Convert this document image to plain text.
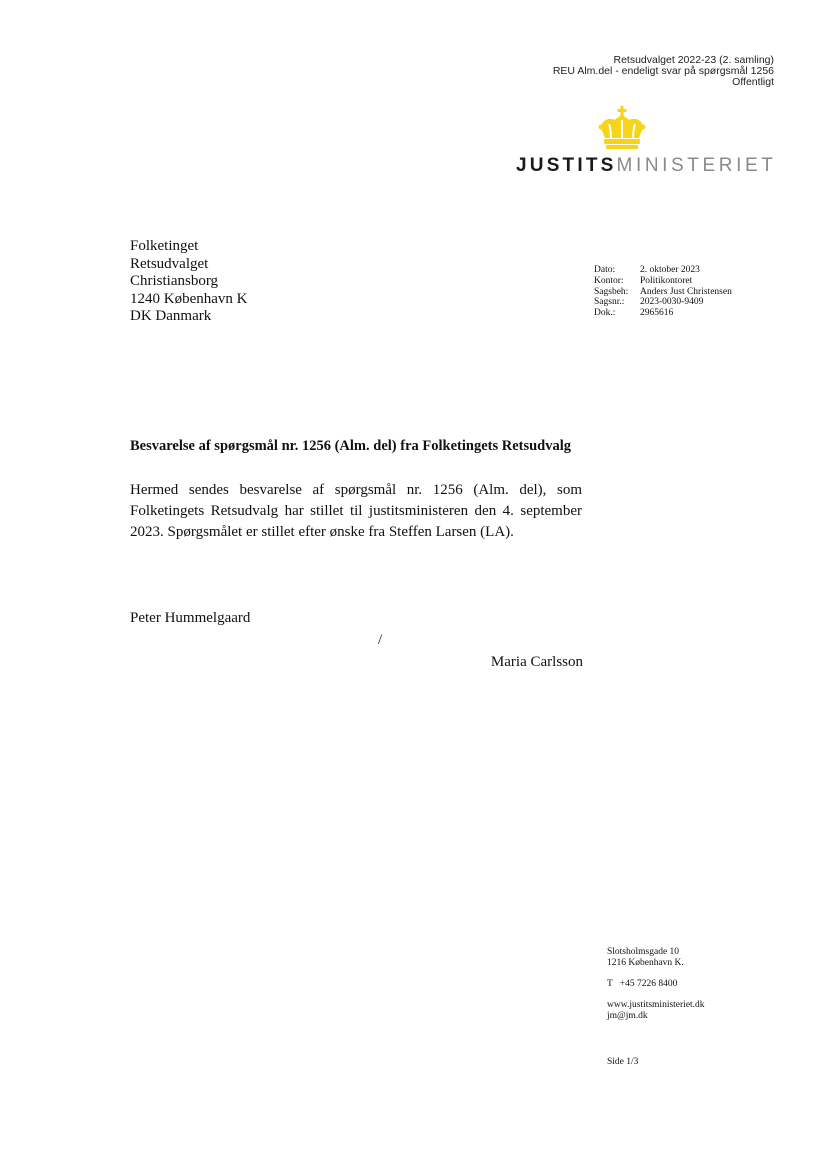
Retsudvalget 2022-23 (2. samling)
REU Alm.del - endeligt svar på spørgsmål 1256
Offentligt
JUSTITSMINISTERIET
Folketinget
Retsudvalget
Christiansborg
1240 København K
DK Danmark
Dato:	2. oktober 2023
Kontor:	Politikontoret
Sagsbeh:	Anders Just Christensen
Sagsnr.:	2023-0030-9409
Dok.:	2965616
Besvarelse af spørgsmål nr. 1256 (Alm. del) fra Folketingets Retsudvalg

Hermed sendes besvarelse af spørgsmål nr. 1256 (Alm. del), som Folketingets Retsudvalg har stillet til justitsministeren den 4. september 2023. Spørgsmålet er stillet efter ønske fra Steffen Larsen (LA).

Peter Hummelgaard
/
Maria Carlsson
Slotsholmsgade 10
1216 København K.
T   +45 7226 8400
www.justitsministeriet.dk
jm@jm.dk
Side 1/3
